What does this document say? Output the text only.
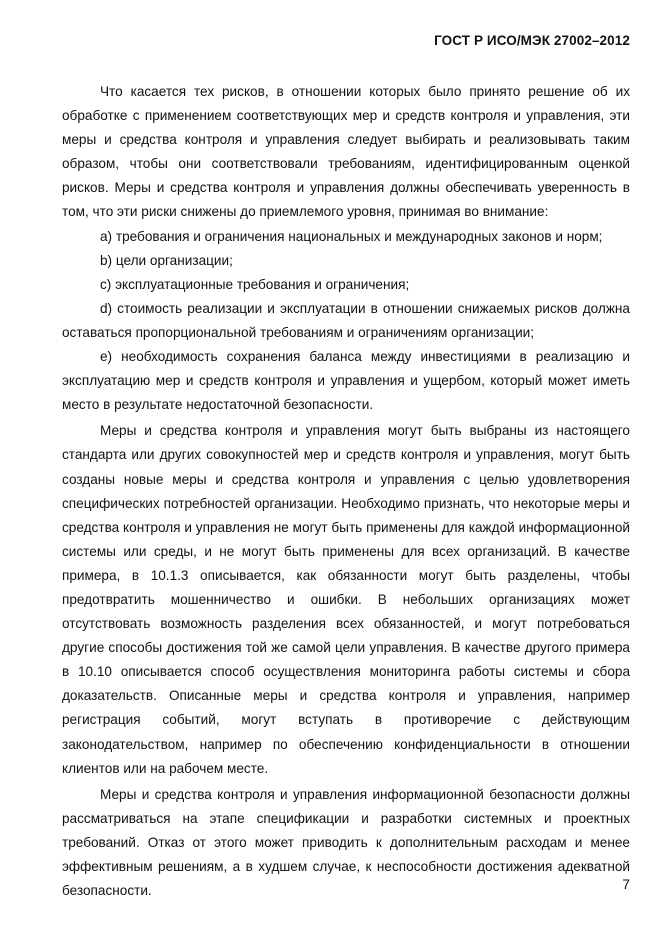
ГОСТ Р ИСО/МЭК 27002–2012

Что касается тех рисков, в отношении которых было принято решение об их обработке с применением соответствующих мер и средств контроля и управления, эти меры и средства контроля и управления следует выбирать и реализовывать таким образом, чтобы они соответствовали требованиям, идентифицированным оценкой рисков. Меры и средства контроля и управления должны обеспечивать уверенность в том, что эти риски снижены до приемлемого уровня, принимая во внимание:

a) требования и ограничения национальных и международных законов и норм;

b) цели организации;

c) эксплуатационные требования и ограничения;

d) стоимость реализации и эксплуатации в отношении снижаемых рисков должна оставаться пропорциональной требованиям и ограничениям организации;

e) необходимость сохранения баланса между инвестициями в реализацию и эксплуатацию мер и средств контроля и управления и ущербом, который может иметь место в результате недостаточной безопасности.

Меры и средства контроля и управления могут быть выбраны из настоящего стандарта или других совокупностей мер и средств контроля и управления, могут быть созданы новые меры и средства контроля и управления с целью удовлетворения специфических потребностей организации. Необходимо признать, что некоторые меры и средства контроля и управления не могут быть применены для каждой информационной системы или среды, и не могут быть применены для всех организаций. В качестве примера, в 10.1.3 описывается, как обязанности могут быть разделены, чтобы предотвратить мошенничество и ошибки. В небольших организациях может отсутствовать возможность разделения всех обязанностей, и могут потребоваться другие способы достижения той же самой цели управления. В качестве другого примера в 10.10 описывается способ осуществления мониторинга работы системы и сбора доказательств. Описанные меры и средства контроля и управления, например регистрация событий, могут вступать в противоречие с действующим законодательством, например по обеспечению конфиденциальности в отношении клиентов или на рабочем месте.

Меры и средства контроля и управления информационной безопасности должны рассматриваться на этапе спецификации и разработки системных и проектных требований. Отказ от этого может приводить к дополнительным расходам и менее эффективным решениям, а в худшем случае, к неспособности достижения адекватной безопасности.	7
